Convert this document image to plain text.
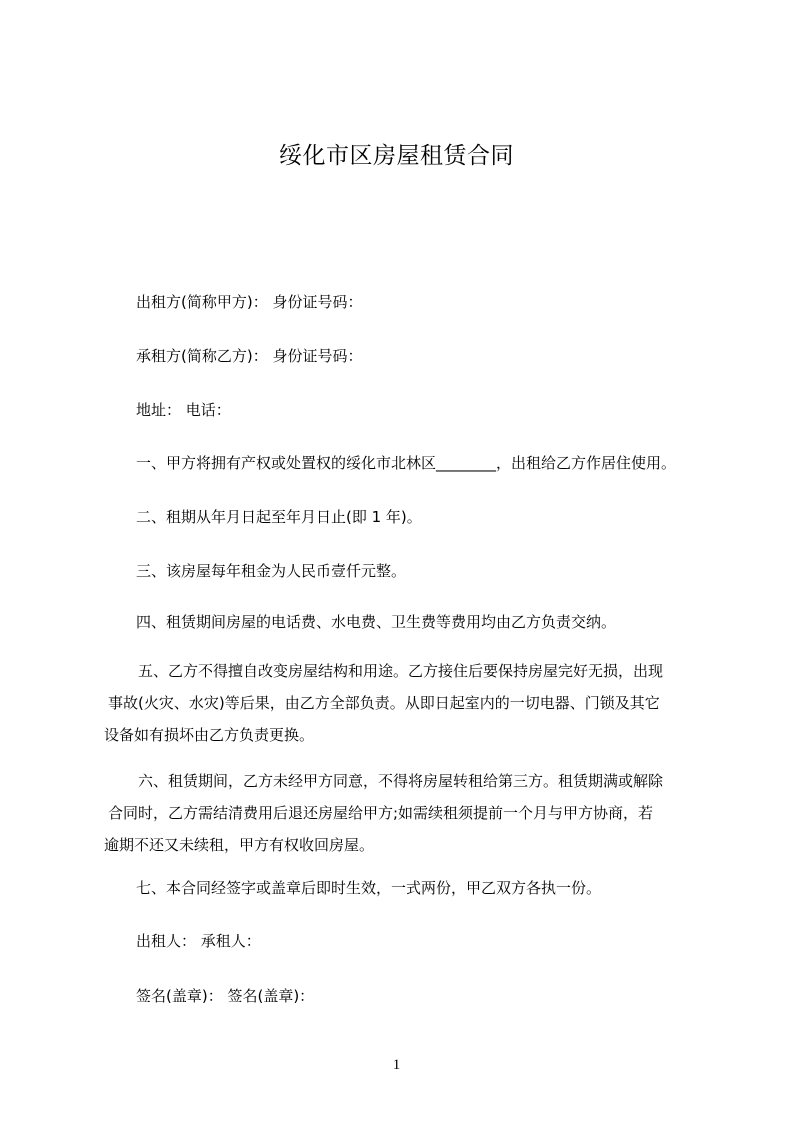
绥化市区房屋租赁合同
出租方(简称甲方)： 身份证号码：
承租方(简称乙方)： 身份证号码：
地址： 电话：
一、甲方将拥有产权或处置权的绥化市北林区________，出租给乙方作居住使用。
二、租期从年月日起至年月日止(即 1 年)。
三、该房屋每年租金为人民币壹仟元整。
四、租赁期间房屋的电话费、水电费、卫生费等费用均由乙方负责交纳。
五、乙方不得擅自改变房屋结构和用途。乙方接住后要保持房屋完好无损，出现
事故(火灾、水灾)等后果，由乙方全部负责。从即日起室内的一切电器、门锁及其它
设备如有损坏由乙方负责更换。
六、租赁期间，乙方未经甲方同意，不得将房屋转租给第三方。租赁期满或解除
合同时，乙方需结清费用后退还房屋给甲方;如需续租须提前一个月与甲方协商，若
逾期不还又未续租，甲方有权收回房屋。
七、本合同经签字或盖章后即时生效，一式两份，甲乙双方各执一份。
出租人： 承租人：
签名(盖章)： 签名(盖章)：
1
